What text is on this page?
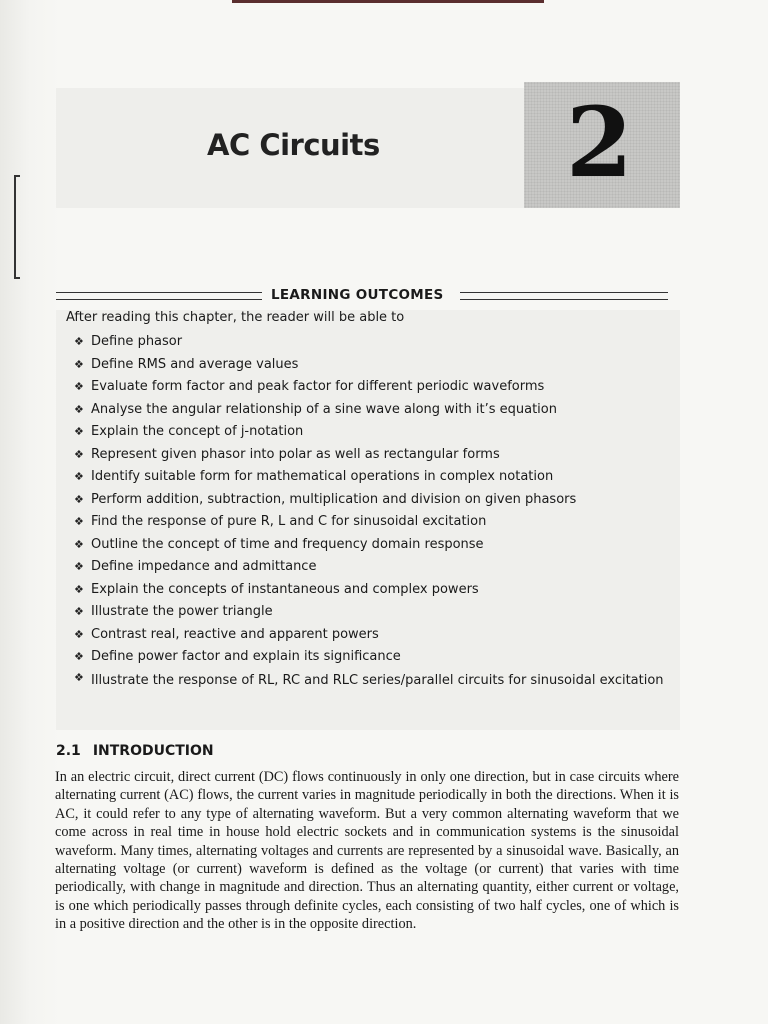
AC Circuits 2
LEARNING OUTCOMES
After reading this chapter, the reader will be able to
❖ Define phasor
❖ Define RMS and average values
❖ Evaluate form factor and peak factor for different periodic waveforms
❖ Analyse the angular relationship of a sine wave along with it’s equation
❖ Explain the concept of j-notation
❖ Represent given phasor into polar as well as rectangular forms
❖ Identify suitable form for mathematical operations in complex notation
❖ Perform addition, subtraction, multiplication and division on given phasors
❖ Find the response of pure R, L and C for sinusoidal excitation
❖ Outline the concept of time and frequency domain response
❖ Define impedance and admittance
❖ Explain the concepts of instantaneous and complex powers
❖ Illustrate the power triangle
❖ Contrast real, reactive and apparent powers
❖ Define power factor and explain its significance
❖ Illustrate the response of RL, RC and RLC series/parallel circuits for sinusoidal excitation
2.1 INTRODUCTION

In an electric circuit, direct current (DC) flows continuously in only one direction, but in case circuits where alternating current (AC) flows, the current varies in magnitude periodically in both the directions. When it is AC, it could refer to any type of alternating waveform. But a very common alternating waveform that we come across in real time in house hold electric sockets and in communication systems is the sinusoidal waveform. Many times, alternating voltages and currents are represented by a sinusoidal wave. Basically, an alternating voltage (or current) waveform is defined as the voltage (or current) that varies with time periodically, with change in magnitude and direction. Thus an alternating quantity, either current or voltage, is one which periodically passes through definite cycles, each consisting of two half cycles, one of which is in a positive direction and the other is in the opposite direction.
